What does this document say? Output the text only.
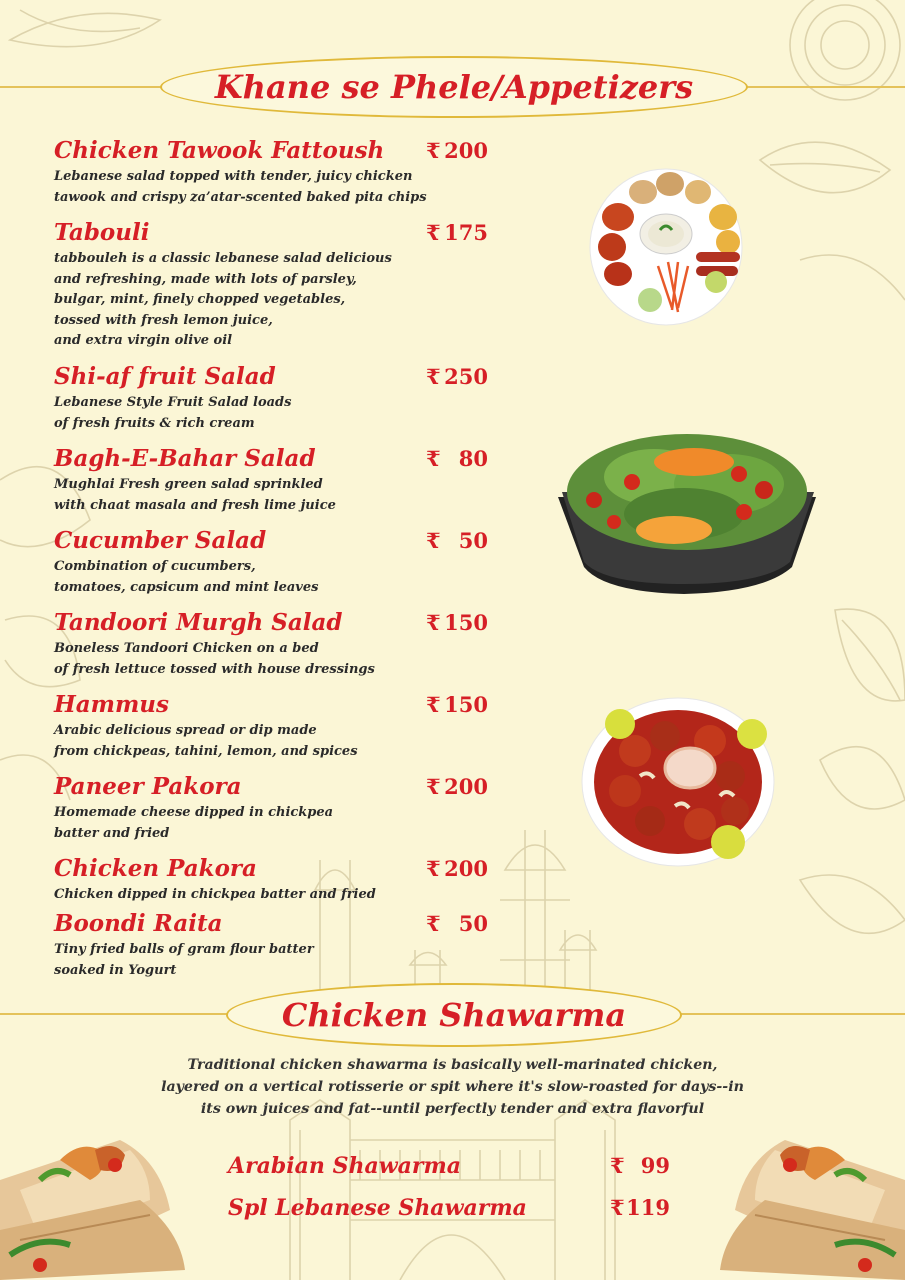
Khane se Phele/Appetizers
Chicken Tawook Fattoush ₹ 200
Lebanese salad topped with tender, juicy chicken
tawook and crispy za’atar-scented baked pita chips
Tabouli	₹ 175
tabbouleh is a classic lebanese salad delicious
and refreshing, made with lots of parsley,
bulgar, mint, finely chopped vegetables,
tossed with fresh lemon juice,
and extra virgin olive oil
Shi-af fruit Salad	₹ 250
Lebanese Style Fruit Salad loads
of fresh fruits & rich cream
Bagh-E-Bahar Salad	₹ 80
Mughlai Fresh green salad sprinkled
with chaat masala and fresh lime juice
Cucumber Salad	₹ 50
Combination of cucumbers,
tomatoes, capsicum and mint leaves
Tandoori Murgh Salad	₹ 150
Boneless Tandoori Chicken on a bed
of fresh lettuce tossed with house dressings
Hammus	₹ 150
Arabic delicious spread or dip made
from chickpeas, tahini, lemon, and spices
Paneer Pakora	₹ 200
Homemade cheese dipped in chickpea
batter and fried
Chicken Pakora	₹ 200
Chicken dipped in chickpea batter and fried
Boondi Raita	₹ 50
Tiny fried balls of gram flour batter
soaked in Yogurt
Chicken Shawarma
Traditional chicken shawarma is basically well-marinated chicken,
layered on a vertical rotisserie or spit where it's slow-roasted for days--in
its own juices and fat--until perfectly tender and extra flavorful
Arabian Shawarma	₹ 99
Spl Lebanese Shawarma	₹ 119
